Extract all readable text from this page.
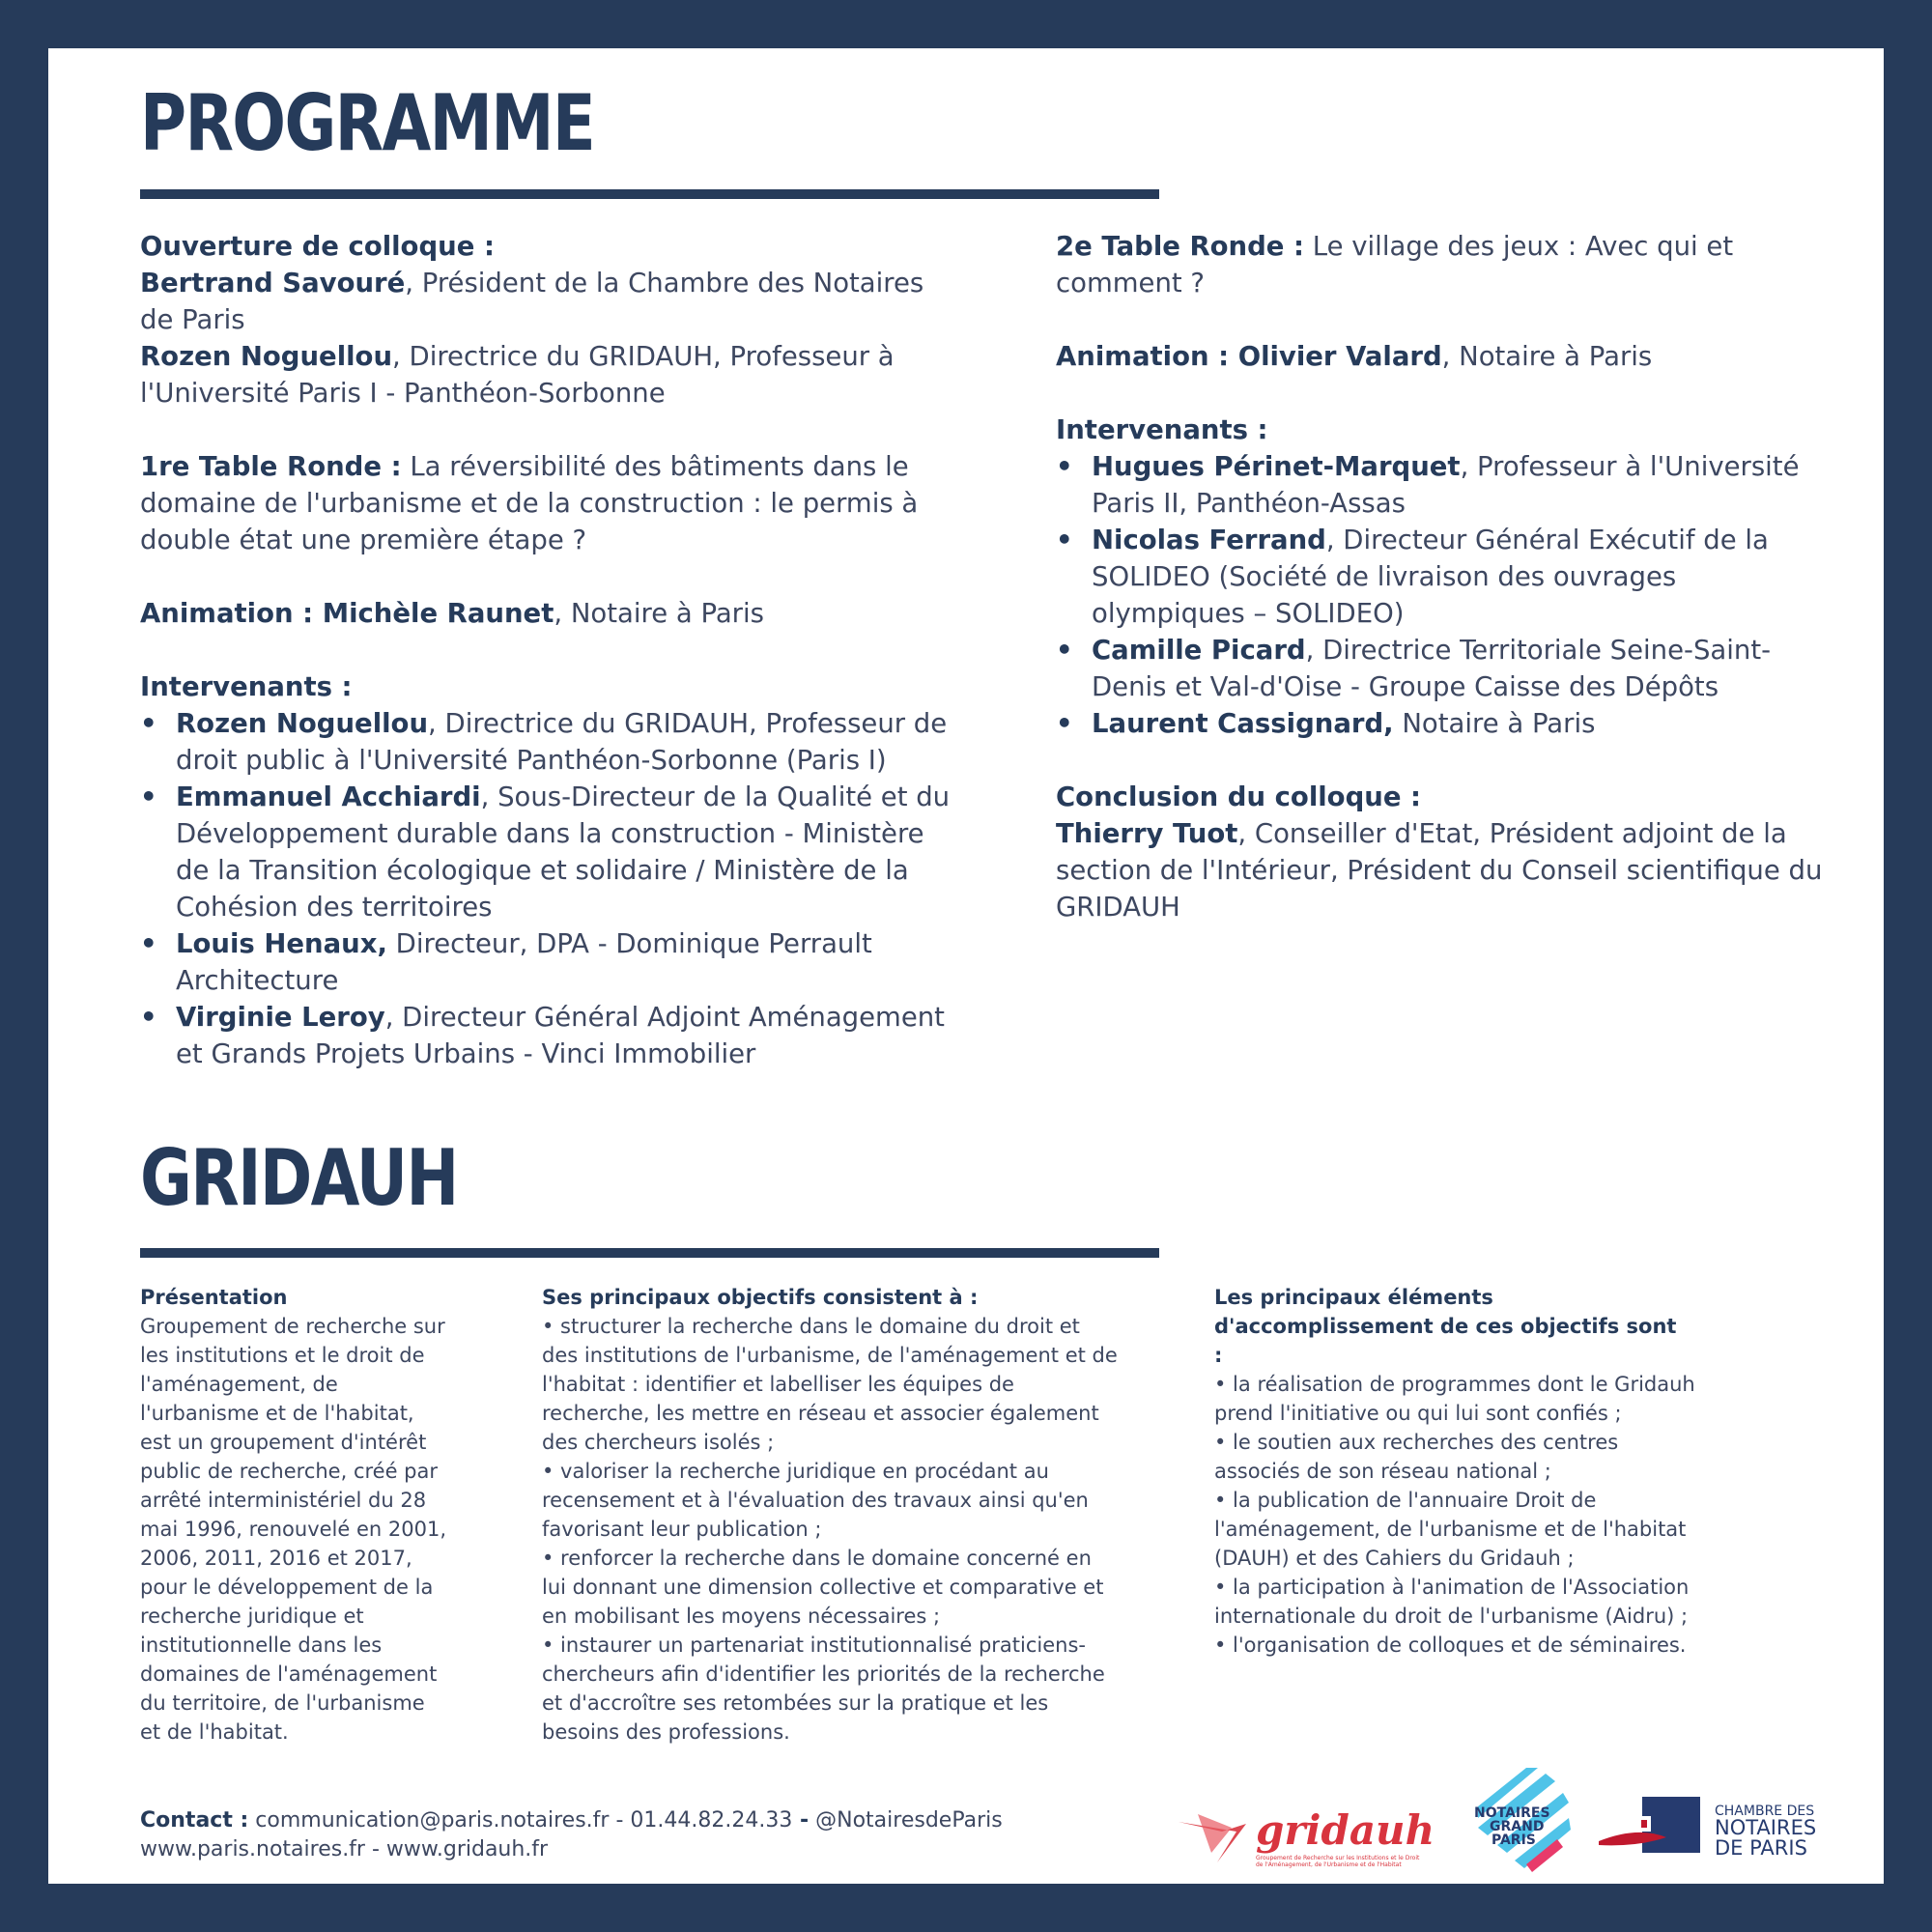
PROGRAMME

Ouverture de colloque :

Bertrand Savouré, Président de la Chambre des Notaires de Paris

Rozen Noguellou, Directrice du GRIDAUH, Professeur à l'Université Paris I - Panthéon-Sorbonne

1re Table Ronde : La réversibilité des bâtiments dans le domaine de l'urbanisme et de la construction : le permis à double état une première étape ?

Animation : Michèle Raunet, Notaire à Paris

Intervenants :

• Rozen Noguellou, Directrice du GRIDAUH, Professeur de droit public à l'Université Panthéon-Sorbonne (Paris I)
• Emmanuel Acchiardi, Sous-Directeur de la Qualité et du Développement durable dans la construction - Ministère de la Transition écologique et solidaire / Ministère de la Cohésion des territoires
• Louis Henaux, Directeur, DPA - Dominique Perrault Architecture
• Virginie Leroy, Directeur Général Adjoint Aménagement et Grands Projets Urbains - Vinci Immobilier

2e Table Ronde : Le village des jeux : Avec qui et comment ?

Animation : Olivier Valard, Notaire à Paris

Intervenants :

• Hugues Périnet-Marquet, Professeur à l'Université Paris II, Panthéon-Assas
• Nicolas Ferrand, Directeur Général Exécutif de la SOLIDEO (Société de livraison des ouvrages olympiques – SOLIDEO)
• Camille Picard, Directrice Territoriale Seine-Saint-Denis et Val-d'Oise - Groupe Caisse des Dépôts
• Laurent Cassignard, Notaire à Paris

Conclusion du colloque :

Thierry Tuot, Conseiller d'Etat, Président adjoint de la section de l'Intérieur, Président du Conseil scientifique du GRIDAUH

GRIDAUH

Présentation

Groupement de recherche sur les institutions et le droit de l'aménagement, de l'urbanisme et de l'habitat, est un groupement d'intérêt public de recherche, créé par arrêté interministériel du 28 mai 1996, renouvelé en 2001, 2006, 2011, 2016 et 2017, pour le développement de la recherche juridique et institutionnelle dans les domaines de l'aménagement du territoire, de l'urbanisme et de l'habitat.

Ses principaux objectifs consistent à :

• structurer la recherche dans le domaine du droit et des institutions de l'urbanisme, de l'aménagement et de l'habitat : identifier et labelliser les équipes de recherche, les mettre en réseau et associer également des chercheurs isolés ;

• valoriser la recherche juridique en procédant au recensement et à l'évaluation des travaux ainsi qu'en favorisant leur publication ;

• renforcer la recherche dans le domaine concerné en lui donnant une dimension collective et comparative et en mobilisant les moyens nécessaires ;

• instaurer un partenariat institutionnalisé praticiens-chercheurs afin d'identifier les priorités de la recherche et d'accroître ses retombées sur la pratique et les besoins des professions.

Les principaux éléments d'accomplissement de ces objectifs sont :

• la réalisation de programmes dont le Gridauh prend l'initiative ou qui lui sont confiés ;

• le soutien aux recherches des centres associés de son réseau national ;

• la publication de l'annuaire Droit de l'aménagement, de l'urbanisme et de l'habitat (DAUH) et des Cahiers du Gridauh ;

• la participation à l'animation de l'Association internationale du droit de l'urbanisme (Aidru) ;

• l'organisation de colloques et de séminaires.

Contact : communication@paris.notaires.fr - 01.44.82.24.33 - @NotairesdeParis

www.paris.notaires.fr - www.gridauh.fr	gridauh
Groupement de Recherche sur les Institutions et le Droit de l'Aménagement, de l'Urbanisme et de l'Habitat
NOTAIRES
GRAND
PARIS
CHAMBRE DES
NOTAIRES
DE PARIS
